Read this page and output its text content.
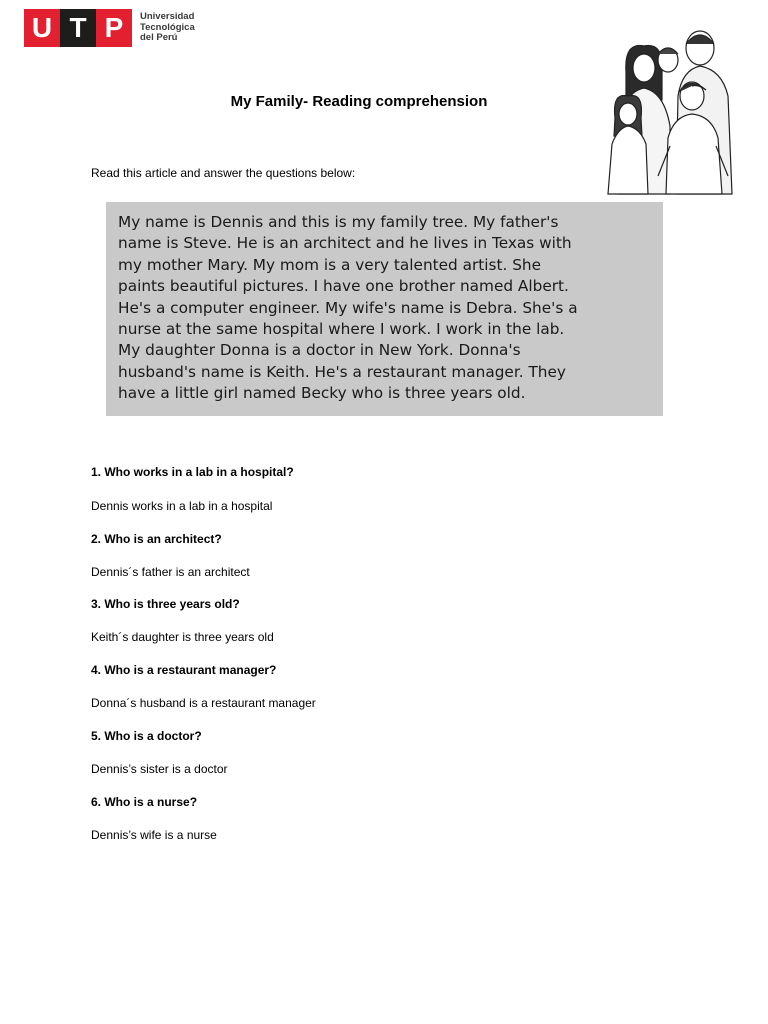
U T P	Universidad
Tecnológica
del Perú
My Family- Reading comprehension
Read this article and answer the questions below:
My name is Dennis and this is my family tree. My father's
name is Steve. He is an architect and he lives in Texas with
my mother Mary. My mom is a very talented artist. She
paints beautiful pictures. I have one brother named Albert.
He's a computer engineer. My wife's name is Debra. She's a
nurse at the same hospital where I work. I work in the lab.
My daughter Donna is a doctor in New York. Donna's
husband's name is Keith. He's a restaurant manager. They
have a little girl named Becky who is three years old.
1. Who works in a lab in a hospital?
Dennis works in a lab in a hospital
2. Who is an architect?
Dennis´s father is an architect
3. Who is three years old?
Keith´s daughter is three years old
4. Who is a restaurant manager?
Donna´s husband is a restaurant manager
5. Who is a doctor?
Dennis’s sister is a doctor
6. Who is a nurse?
Dennis’s wife is a nurse
